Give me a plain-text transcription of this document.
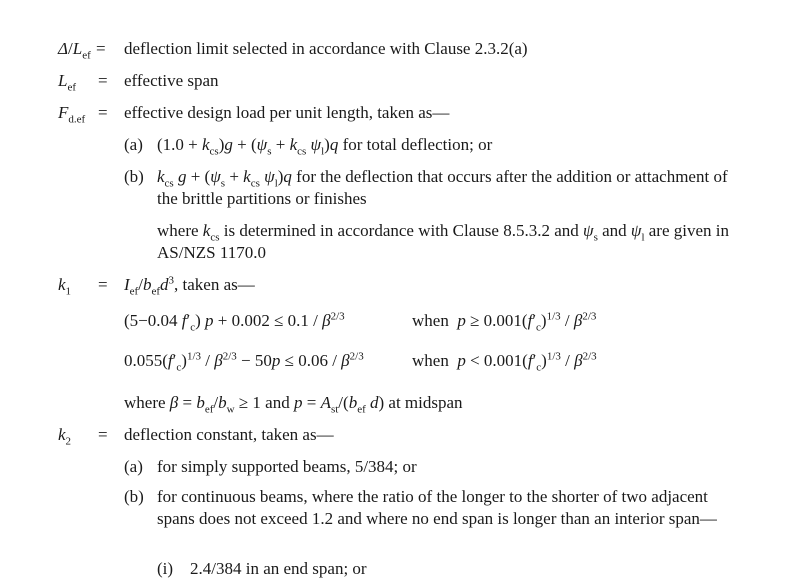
$\Delta/L_{ef}$ = deflection limit selected in accordance with Clause 2.3.2(a)
$L_{ef}$ = effective span
$F_{d.ef}$ = effective design load per unit length, taken as—
(a) $(1.0 + k_{cs})g + (\psi_s + k_{cs}$ $\psi_l)q$ for total deflection; or
(b) $k_{cs}$ $g + (\psi_s + k_{cs}$ $\psi_l)q$ for the deflection that occurs after the addition or attachment of the brittle partitions or finishes
where $k_{cs}$ is determined in accordance with Clause 8.5.3.2 and $\psi_s$ and $\psi_l$ are given in AS/NZS 1170.0
$k_1 = I_{ef}/b_{ef}d^3$, taken as—
(5−0.04 $f'_c$) $p + 0.002 \le 0.1 / \beta^{2/3}$	when  $p \ge 0.001(f'_c)^{1/3} / \beta^{2/3}$
$0.055(f'_c)^{1/3} / \beta^{2/3} - 50p \le 0.06 / \beta^{2/3}$	when  $p < 0.001(f'_c)^{1/3} / \beta^{2/3}$
where $\beta = b_{ef}/b_w \ge 1$ and $p = A_{st}/(b_{ef}$ d) at midspan
$k_2$ = deflection constant, taken as—
(a) for simply supported beams, 5/384; or
(b) for continuous beams, where the ratio of the longer to the shorter of two adjacent spans does not exceed 1.2 and where no end span is longer than an interior span—
(i) 2.4/384 in an end span; or
